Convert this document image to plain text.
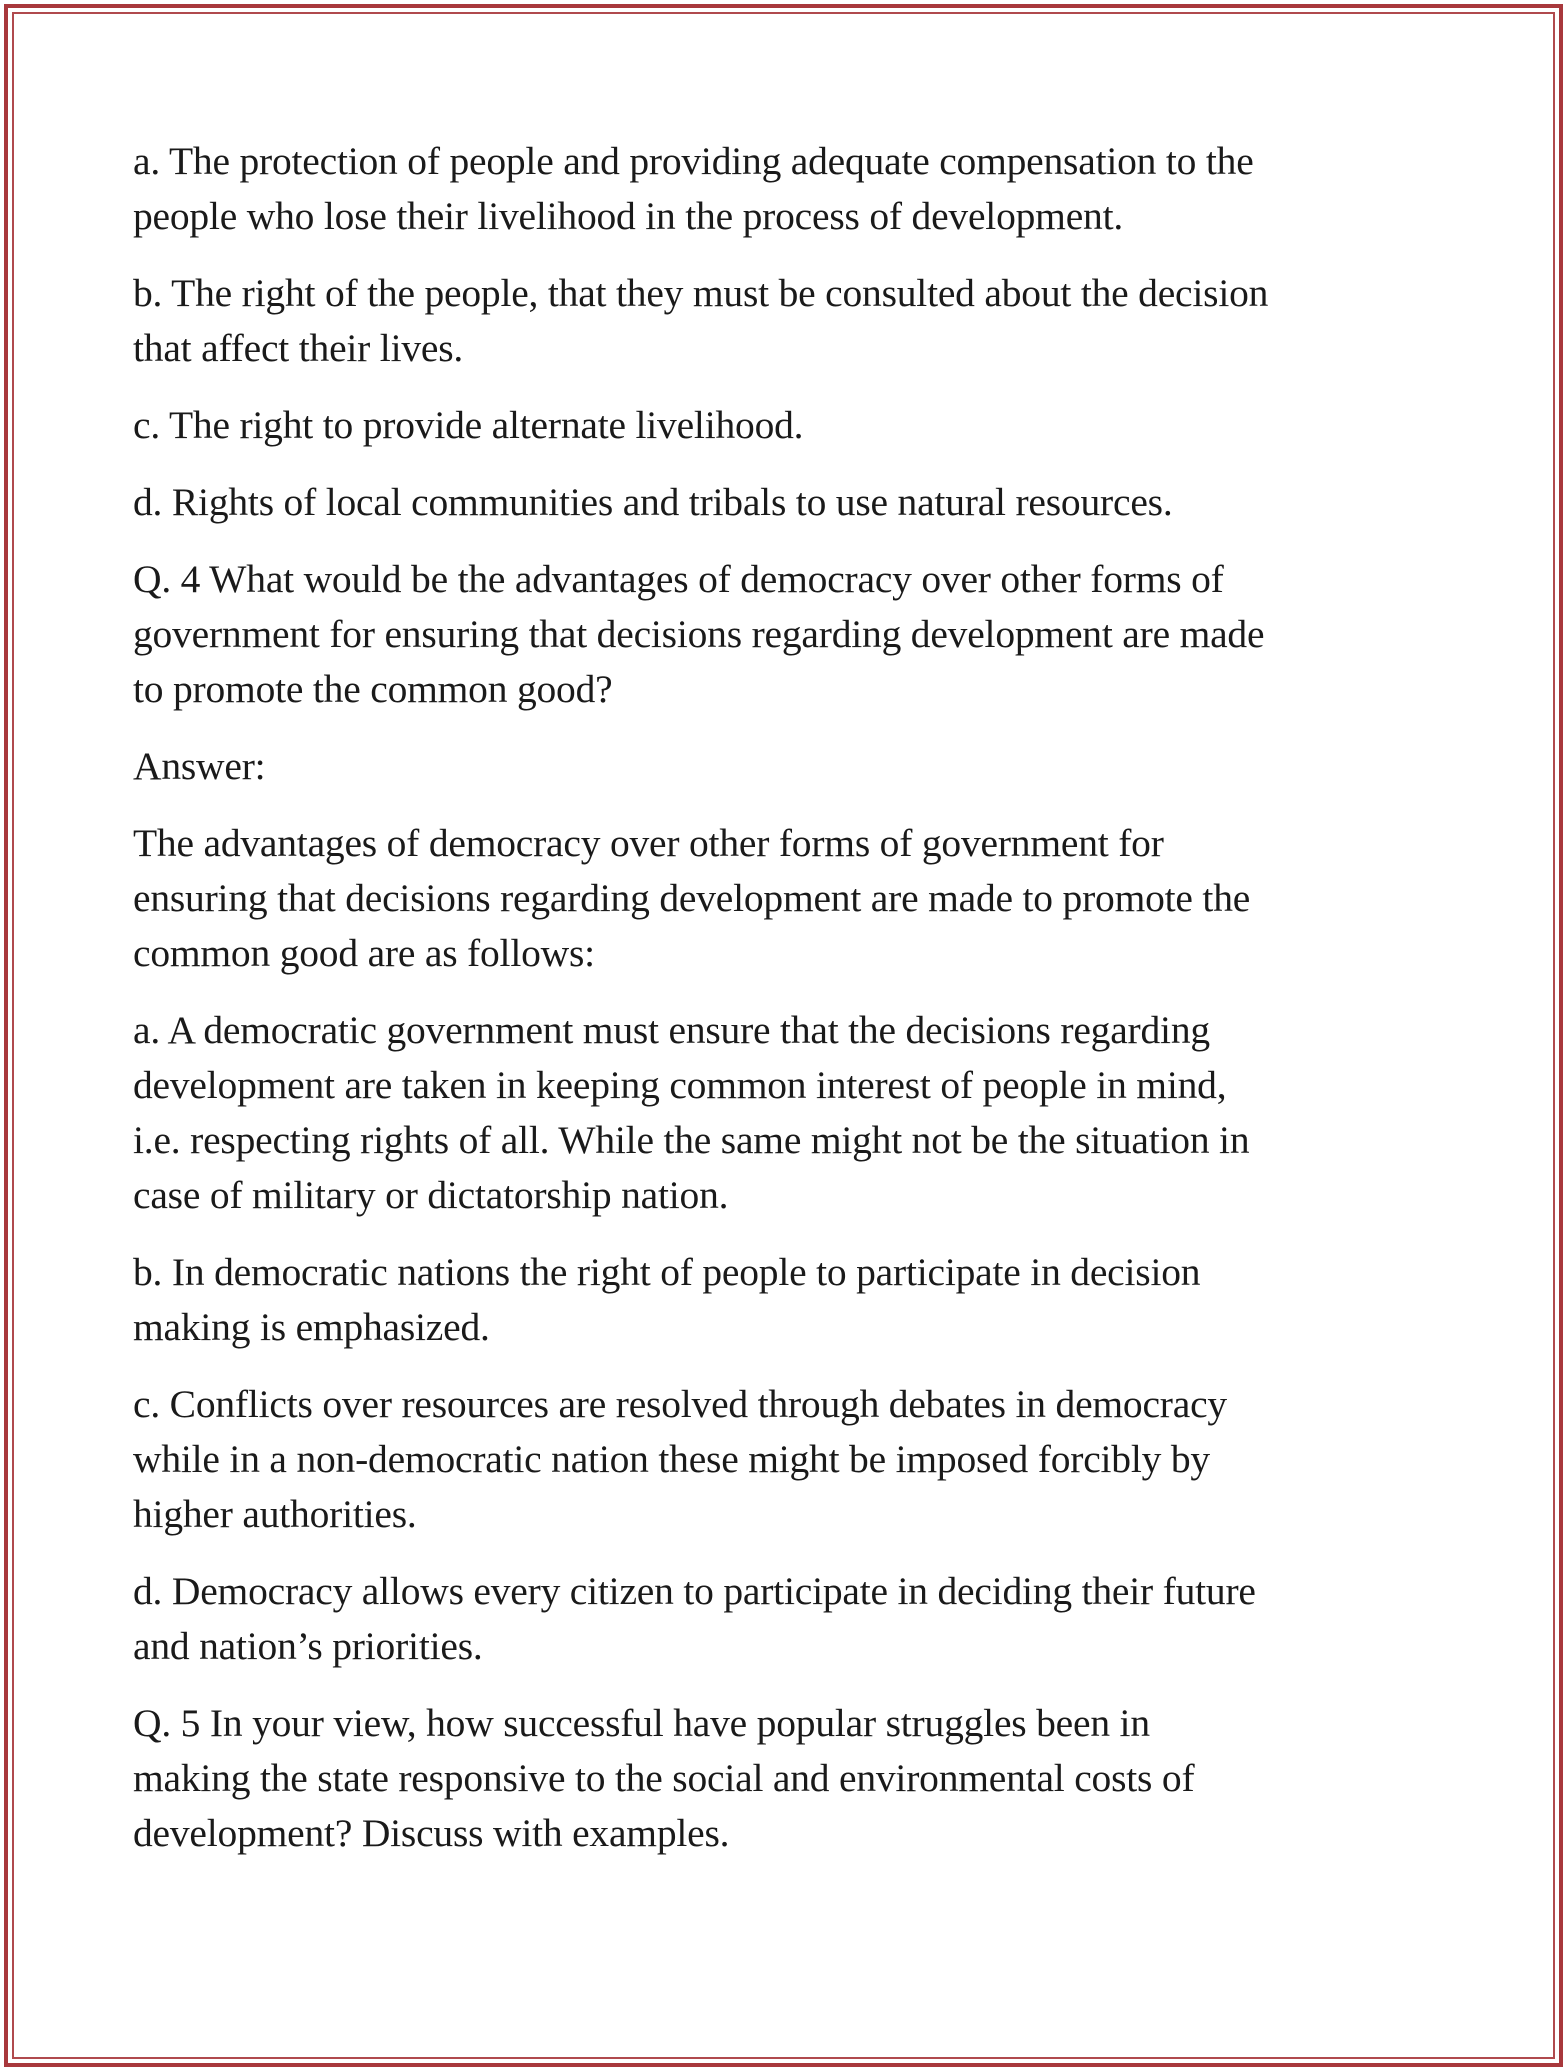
a. The protection of people and providing adequate compensation to the
people who lose their livelihood in the process of development.

b. The right of the people, that they must be consulted about the decision
that affect their lives.

c. The right to provide alternate livelihood.

d. Rights of local communities and tribals to use natural resources.

Q. 4 What would be the advantages of democracy over other forms of
government for ensuring that decisions regarding development are made
to promote the common good?

Answer:

The advantages of democracy over other forms of government for
ensuring that decisions regarding development are made to promote the
common good are as follows:

a. A democratic government must ensure that the decisions regarding
development are taken in keeping common interest of people in mind,
i.e. respecting rights of all. While the same might not be the situation in
case of military or dictatorship nation.

b. In democratic nations the right of people to participate in decision
making is emphasized.

c. Conflicts over resources are resolved through debates in democracy
while in a non-democratic nation these might be imposed forcibly by
higher authorities.

d. Democracy allows every citizen to participate in deciding their future
and nation’s priorities.

Q. 5 In your view, how successful have popular struggles been in
making the state responsive to the social and environmental costs of
development? Discuss with examples.
